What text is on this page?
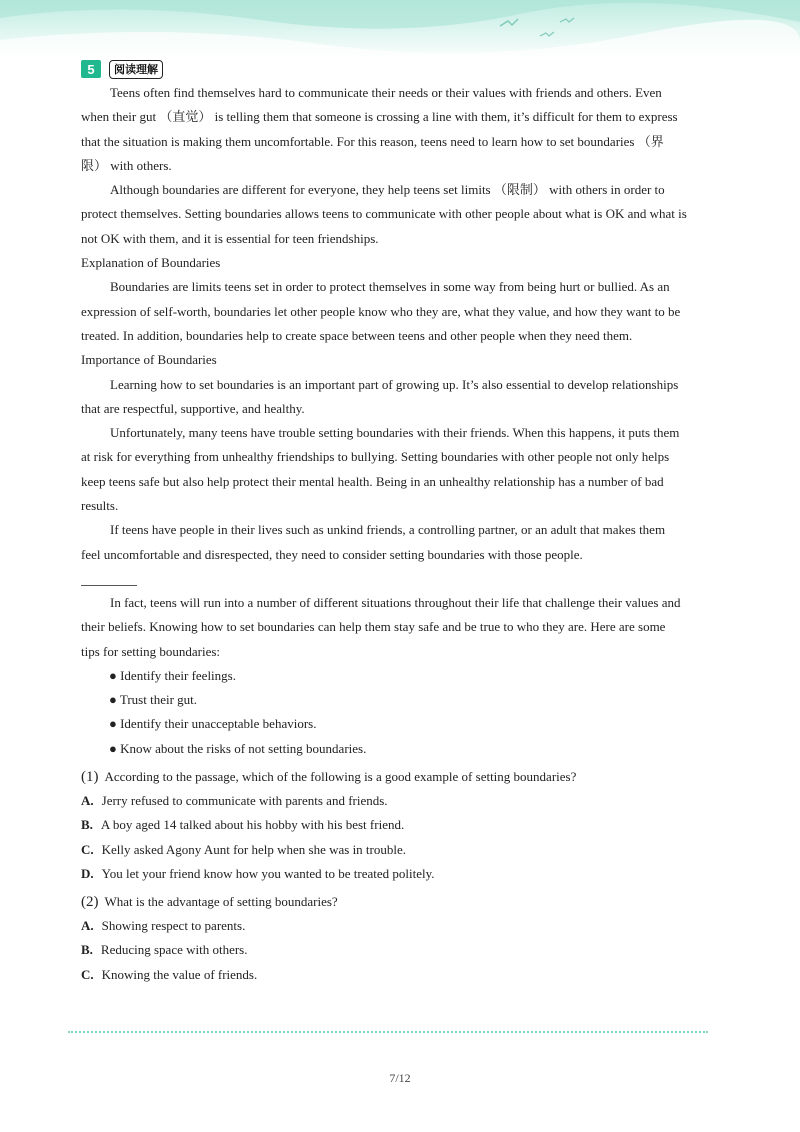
5	阅读理解

Teens often find themselves hard to communicate their needs or their values with friends and others. Even when their gut （直觉） is telling them that someone is crossing a line with them, it’s difficult for them to express that the situation is making them uncomfortable. For this reason, teens need to learn how to set boundaries （界限） with others.

Although boundaries are different for everyone, they help teens set limits （限制） with others in order to protect themselves. Setting boundaries allows teens to communicate with other people about what is OK and what is not OK with them, and it is essential for teen friendships.

Explanation of Boundaries

Boundaries are limits teens set in order to protect themselves in some way from being hurt or bullied. As an expression of self-worth, boundaries let other people know who they are, what they value, and how they want to be treated. In addition, boundaries help to create space between teens and other people when they need them.

Importance of Boundaries

Learning how to set boundaries is an important part of growing up. It’s also essential to develop relationships that are respectful, supportive, and healthy.

Unfortunately, many teens have trouble setting boundaries with their friends. When this happens, it puts them at risk for everything from unhealthy friendships to bullying. Setting boundaries with other people not only helps keep teens safe but also help protect their mental health. Being in an unhealthy relationship has a number of bad results.

If teens have people in their lives such as unkind friends, a controlling partner, or an adult that makes them feel uncomfortable and disrespected, they need to consider setting boundaries with those people.

In fact, teens will run into a number of different situations throughout their life that challenge their values and their beliefs. Knowing how to set boundaries can help them stay safe and be true to who they are. Here are some tips for setting boundaries:

● Identify their feelings.
● Trust their gut.
● Identify their unacceptable behaviors.
● Know about the risks of not setting boundaries.
(1) According to the passage, which of the following is a good example of setting boundaries?
A. Jerry refused to communicate with parents and friends.
B. A boy aged 14 talked about his hobby with his best friend.
C. Kelly asked Agony Aunt for help when she was in trouble.
D. You let your friend know how you wanted to be treated politely.
(2) What is the advantage of setting boundaries?
A. Showing respect to parents.
B. Reducing space with others.
C. Knowing the value of friends.
7/12
